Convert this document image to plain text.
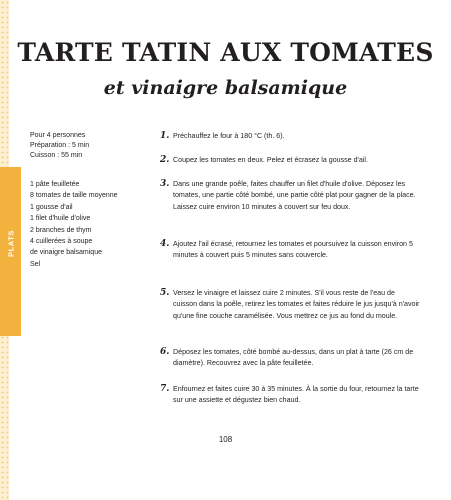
PLATS
TARTE TATIN AUX TOMATES
et vinaigre balsamique
Pour 4 personnes
Préparation : 5 min
Cuisson : 55 min
1 pâte feuilletée
8 tomates de taille moyenne
1 gousse d'ail
1 filet d'huile d'olive
2 branches de thym
4 cuillerées à soupe
de vinaigre balsamique
Sel
1. Préchauffez le four à 180 °C (th. 6).
2. Coupez les tomates en deux. Pelez et écrasez la gousse d'ail.
3. Dans une grande poêle, faites chauffer un filet d'huile d'olive. Déposez les tomates, une partie côté bombé, une partie côté plat pour gagner de la place. Laissez cuire environ 10 minutes à couvert sur feu doux.
4. Ajoutez l'ail écrasé, retournez les tomates et poursuivez la cuisson environ 5 minutes à couvert puis 5 minutes sans couvercle.
5. Versez le vinaigre et laissez cuire 2 minutes. S'il vous reste de l'eau de cuisson dans la poêle, retirez les tomates et faites réduire le jus jusqu'à n'avoir qu'une fine couche caramélisée. Vous mettrez ce jus au fond du moule.
6. Déposez les tomates, côté bombé au-dessus, dans un plat à tarte (26 cm de diamètre). Recouvrez avec la pâte feuilletée.
7. Enfournez et faites cuire 30 à 35 minutes. À la sortie du four, retournez la tarte sur une assiette et dégustez bien chaud.
108
